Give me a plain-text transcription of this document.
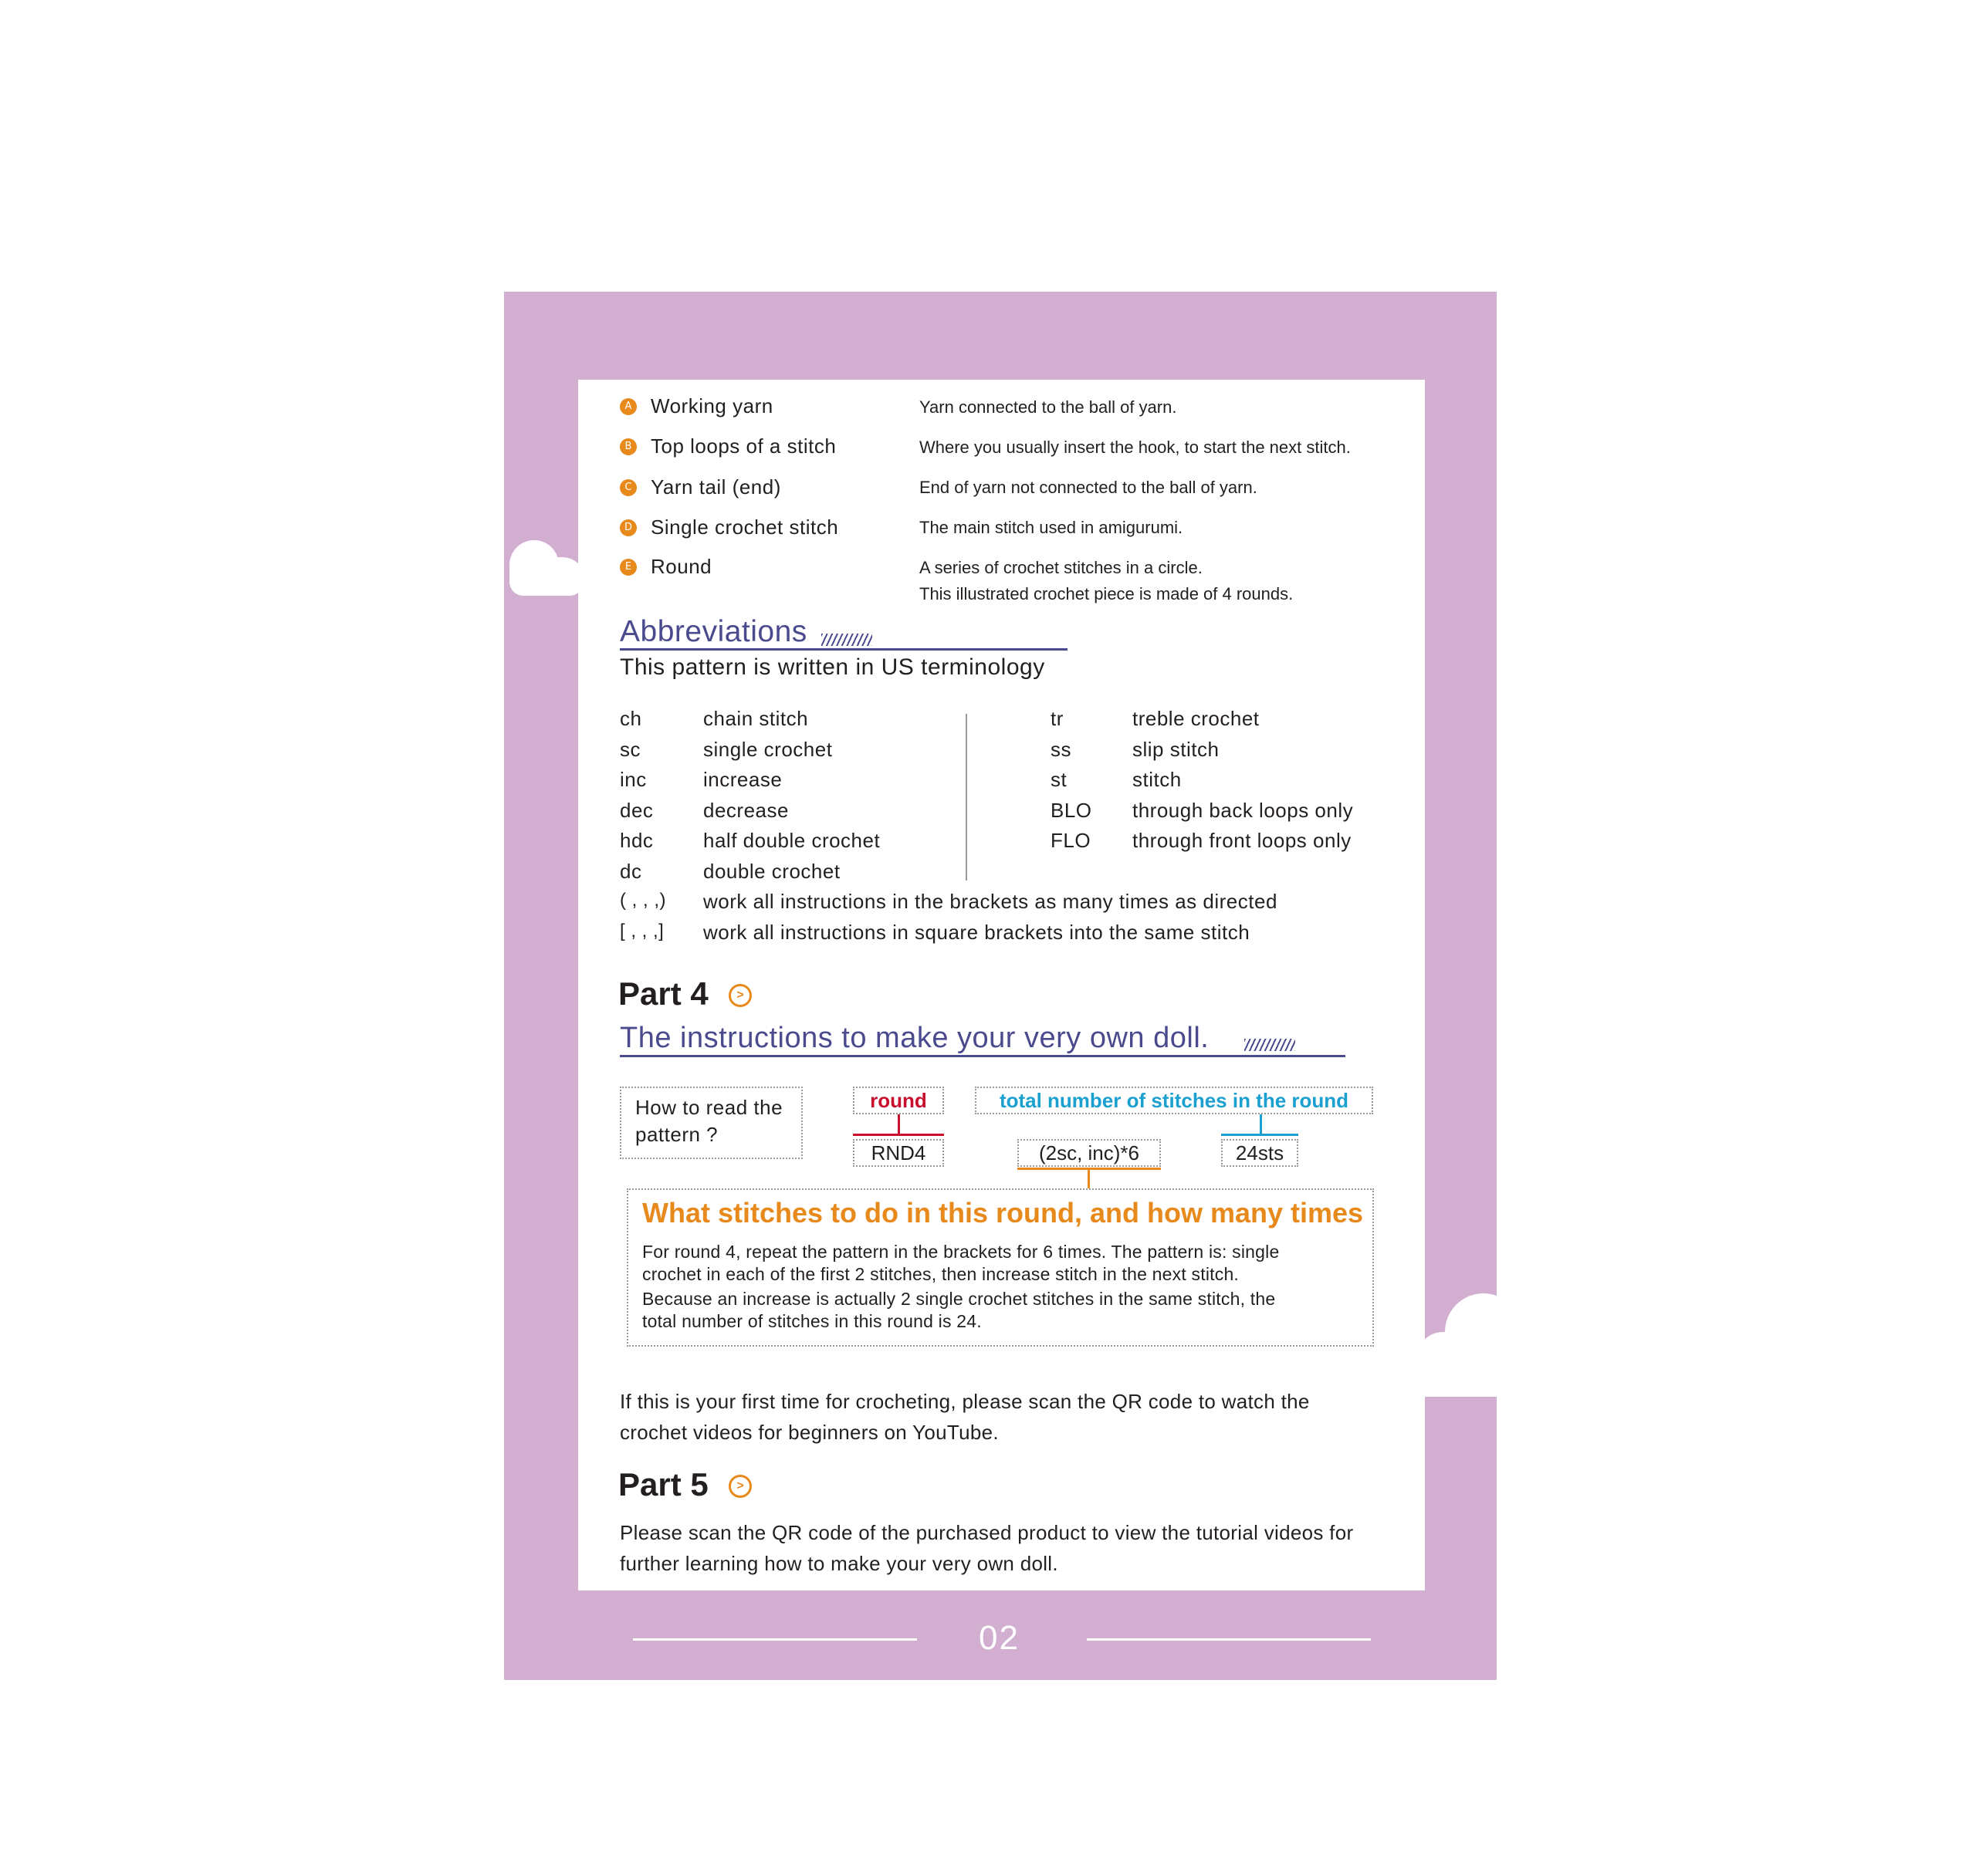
A Working yarn	Yarn connected to the ball of yarn.
B Top loops of a stitch	Where you usually insert the hook, to start the next stitch.
C Yarn tail (end)	End of yarn not connected to the ball of yarn.
D Single crochet stitch	The main stitch used in amigurumi.
E Round	A series of crochet stitches in a circle.
This illustrated crochet piece is made of 4 rounds.
Abbreviations
This pattern is written in US terminology
ch	chain stitch
sc	single crochet
inc	increase
dec decrease
hdc half double crochet
dc	double crochet
tr	treble crochet
ss	slip stitch
st	stitch
BLO through back loops only
FLO through front loops only
( , , ,) work all instructions in the brackets as many times as directed
[ , , ,] work all instructions in square brackets into the same stitch
Part 4	>
The instructions to make your very own doll.
How to read the
pattern ?
round
RND4
total number of stitches in the round
24sts
(2sc, inc)*6
What stitches to do in this round, and how many times
For round 4, repeat the pattern in the brackets for 6 times. The pattern is: single
crochet in each of the first 2 stitches, then increase stitch in the next stitch.
Because an increase is actually 2 single crochet stitches in the same stitch, the
total number of stitches in this round is 24.
If this is your first time for crocheting, please scan the QR code to watch the
crochet videos for beginners on YouTube.
Part 5	>
Please scan the QR code of the purchased product to view the tutorial videos for
further learning how to make your very own doll.
02
